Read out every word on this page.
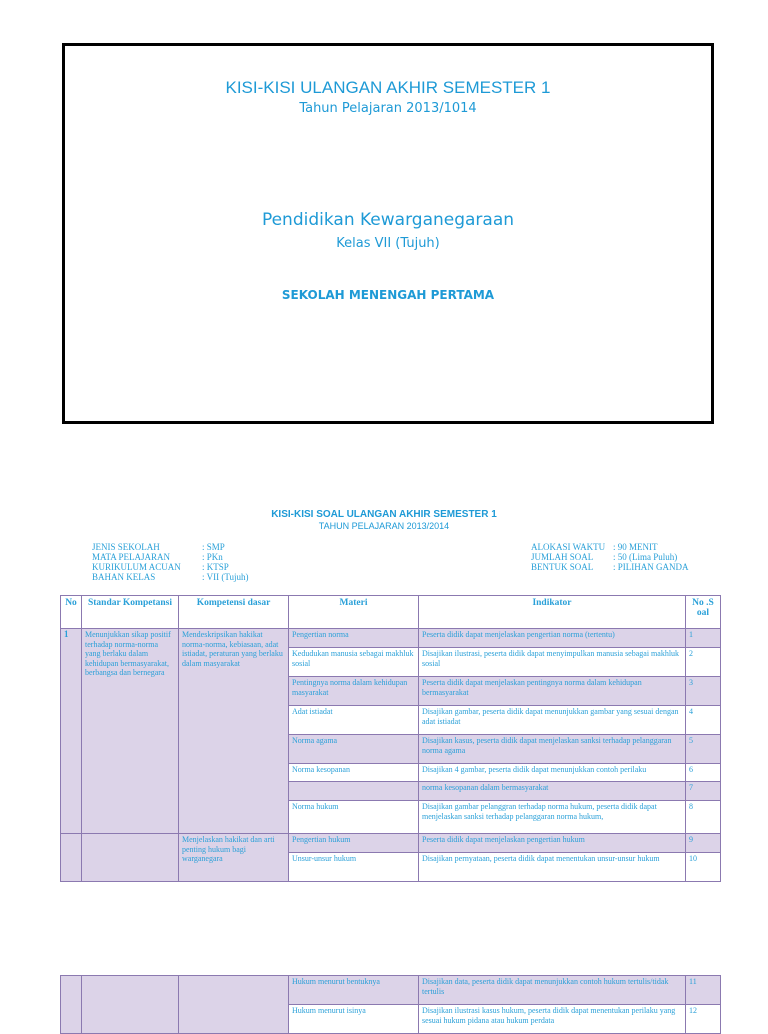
KISI-KISI ULANGAN AKHIR SEMESTER 1
Tahun Pelajaran 2013/1014
Pendidikan Kewarganegaraan
Kelas VII (Tujuh)
SEKOLAH MENENGAH PERTAMA
KISI-KISI SOAL ULANGAN AKHIR SEMESTER 1
TAHUN PELAJARAN 2013/2014
JENIS SEKOLAH	: SMP
MATA PELAJARAN	: PKn
KURIKULUM ACUAN	: KTSP
BAHAN KELAS	: VII (Tujuh)
ALOKASI WAKTU : 90 MENIT
JUMLAH SOAL	: 50 (Lima Puluh)
BENTUK SOAL	: PILIHAN GANDA
No	Standar Kompetansi	Kompetensi dasar	Materi	Indikator	No .S oal
1	Menunjukkan sikap positif terhadap norma-norma yang berlaku dalam kehidupan bermasyarakat, berbangsa dan bernegara	Mendeskripsikan hakikat norma-norma, kebiasaan, adat istiadat, peraturan yang berlaku dalam masyarakat	Pengertian norma	Peserta didik dapat menjelaskan pengertian norma (tertentu)	1
			Kedudukan manusia sebagai makhluk sosial	Disajikan ilustrasi, peserta didik dapat menyimpulkan manusia sebagai makhluk sosial	2
			Pentingnya norma dalam kehidupan masyarakat	Peserta didik dapat menjelaskan pentingnya norma dalam kehidupan bermasyarakat	3
			Adat istiadat	Disajikan gambar, peserta didik dapat menunjukkan gambar yang sesuai dengan adat istiadat	4
			Norma agama	Disajikan kasus, peserta didik dapat menjelaskan sanksi terhadap pelanggaran norma agama	5
			Norma kesopanan	Disajikan 4 gambar, peserta didik dapat menunjukkan contoh perilaku	6
				norma kesopanan dalam bermasyarakat	7
			Norma hukum	Disajikan gambar pelanggran terhadap norma hukum, peserta didik dapat menjelaskan sanksi terhadap pelanggaran norma hukum,	8
		Menjelaskan hakikat dan arti penting hukum bagi warganegara	Pengertian hukum	Peserta didik dapat menjelaskan pengertian hukum	9
			Unsur-unsur hukum	Disajikan pernyataan, peserta didik dapat menentukan unsur-unsur hukum	10
			Hukum menurut bentuknya	Disajikan data, peserta didik dapat menunjukkan contoh hukum tertulis/tidak tertulis	11
			Hukum menurut isinya	Disajikan ilustrasi kasus hukum, peserta didik dapat menentukan perilaku yang sesuai hukum pidana atau hukum perdata	12
